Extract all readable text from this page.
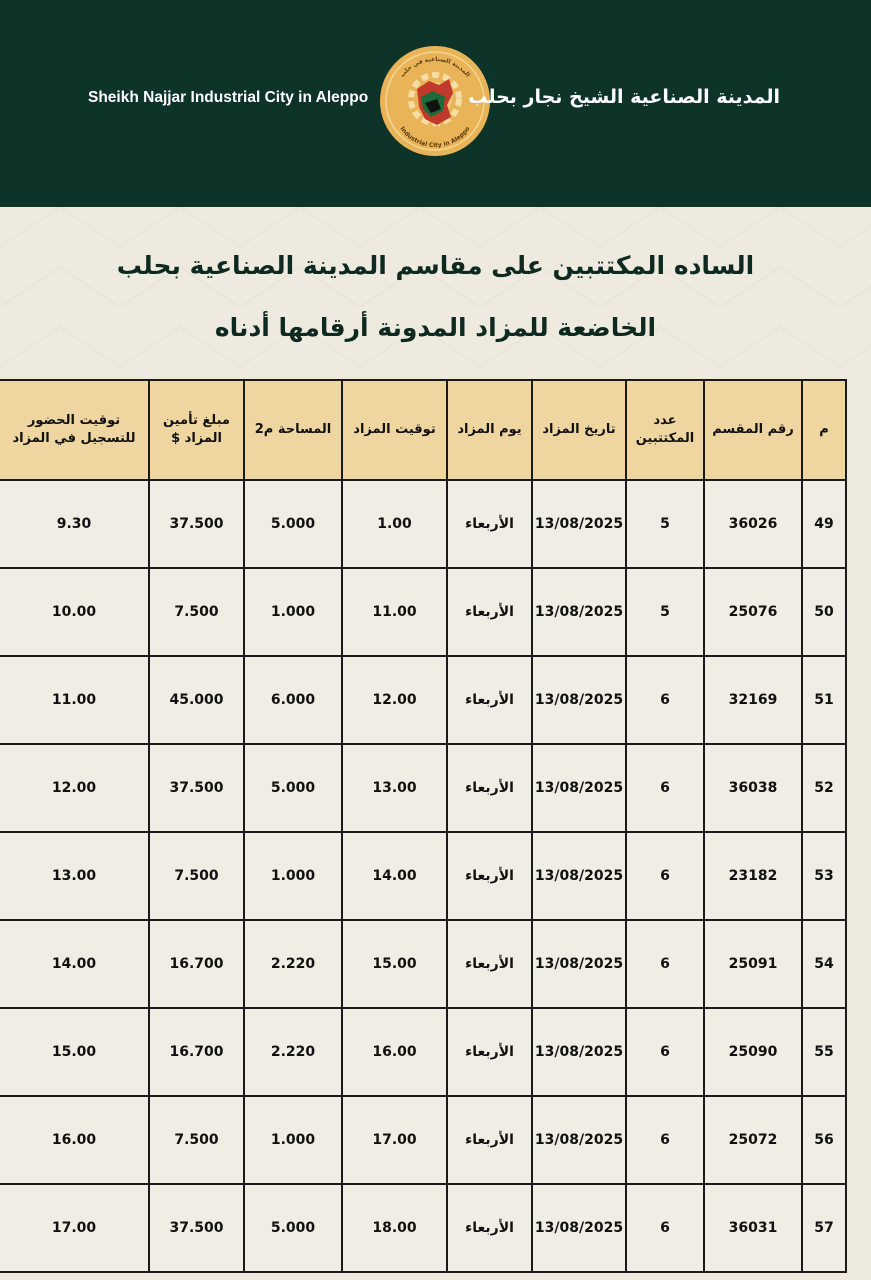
Sheikh Najjar Industrial City in Aleppo
المدينة الصناعية في حلب
Industrial City in Aleppo
المدينة الصناعية الشيخ نجار بحلب
الساده المكتتبين على مقاسم المدينة الصناعية بحلب
الخاضعة للمزاد المدونة أرقامها أدناه
م	رقم المقسم	عدد المكتتبين	تاريخ المزاد	يوم المزاد	توقيت المزاد	المساحة م2	مبلغ تأمين المزاد $	توقيت الحضور للتسجيل في المزاد
49	36026	5	13/08/2025	الأربعاء	1.00	5.000	37.500	9.30
50	25076	5	13/08/2025	الأربعاء	11.00	1.000	7.500	10.00
51	32169	6	13/08/2025	الأربعاء	12.00	6.000	45.000	11.00
52	36038	6	13/08/2025	الأربعاء	13.00	5.000	37.500	12.00
53	23182	6	13/08/2025	الأربعاء	14.00	1.000	7.500	13.00
54	25091	6	13/08/2025	الأربعاء	15.00	2.220	16.700	14.00
55	25090	6	13/08/2025	الأربعاء	16.00	2.220	16.700	15.00
56	25072	6	13/08/2025	الأربعاء	17.00	1.000	7.500	16.00
57	36031	6	13/08/2025	الأربعاء	18.00	5.000	37.500	17.00
